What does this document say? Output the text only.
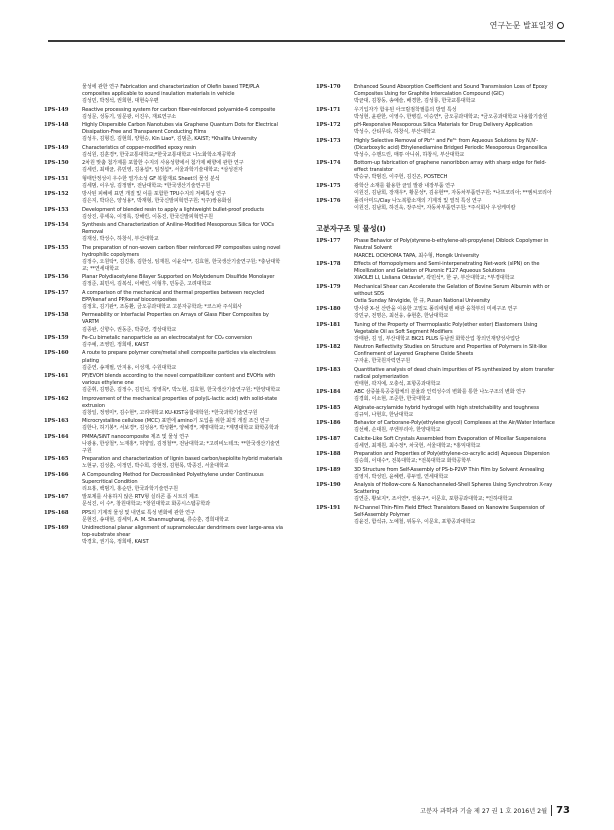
연구논문 발표일정
물성에 관한 연구 Fabrication and characterization of Olefin based TPE/PLA composites applicable to sound insulation materials in vehicle
김성민, 박정석, 권희현, 대현숙우편
1PS-149	Reactive processing system for carbon fiber-reinforced polyamide-6 composite
김성문, 성동기, 임문광, 이진우, 재료연구소
1PS-148	Highly Dispersible Carbon Nanotubes via Graphene Quantum Dots for Electrical Dissipation-Free and Transparent Conducting Films
김성우, 김형진, 김현희, 양현승, Kin Liao*, 김범준, KAIST; *Khalifa University
1PS-149	Characteristics of copper-modified epoxy resin
김석원, 김훈경*, 한국교통대학교;*한국교통대학교 나노화학소재공학과
1PS-150	2차원 맞춤 첨가제를 포함한 수지의 사용성향에서 첨가제 배향에 관한 연구
김세린, 최태균, 류민영, 김용섭*, 임정섭*, 서울과학기술대학교; *삼성전자
1PS-151	형태안정성이 우수한 열가소성 GF 복합재료 Sheet의 물성 분석
김세범, 이우성, 김정필*, 전남대학교; *한국생산기술연구원
1PS-152	방사된 피혜에 표면 개질 및 이를 포함한 TPU수지의 저폐특성 연구
김은지, 박다은, 양성용*, 박재형, 한국신발피혁연구원; *(주)쌍용화섬
1PS-153	Development of blended resin to apply a lightweight bullet-proof products
김상진, 류세욱, 이정록, 강해린, 이동진, 한국신발피혁연구원
1PS-154	Synthesis and Characterization of Aniline-Modified Mesoporous Silica for VOCs Removal
김재성, 박성수, 하창식, 부산대학교
1PS-155	The preparation of non-woven carbon fiber reinforced PP composites using novel hydrophilic copolymers
김정수, 오원탁*, 김진홍, 김한성, 임재원, 이윤석**, 김효현, 한국생산기술연구원; *충남대학교; **연세대학교
1PS-156	Planar Polydiacetylene Bilayer Supported on Molybdenum Disulfide Monolayer
김정준, 최민서, 김복석, 이해인, 이형후, 민동준, 고려대학교
1PS-157	A comparison of the mechanical and thermal properties between recycled EPP/kenaf and PP/kenaf biocomposites
김정호, 김기완*, 조동환, 금오공과대학교 고분자공학과; *코스파 주식회사
1PS-158	Permeability or Interfacial Properties on Arrays of Glass Fiber Composites by VARTM
김종완, 신향수, 권동준, 박종만, 경상대학교
1PS-159	Fe-Cu bimetalic nanoparticle as an electrocatalyst for CO₂ conversion
김주예, 조영민, 정희태, KAIST
1PS-160	A route to prepare polymer core/metal shell composite particles via electroless plating
김준연, 송재필, 안지용, 이성재, 수원대학교
1PS-161	PF/EVOH blends according to the novel compatibilizer content and EVOHs with various ethylene one
김준휘, 김명준, 김정수, 김민석, 정영목*, 박노현, 김효현, 한국생산기술연구원; *한양대학교
1PS-162	Improvement of the mechanical properties of poly(L-lactic acid) with solid-state extrusion
김창일, 정영미*, 김수현*, 고려대학교 KU-KIST융합대학원; *한국과학기술연구원
1PS-163	Microcrystalline cellulose (MCC) 표면에 amino기 도입을 위한 최적 개질 조건 연구
김한나, 허기봉*, 서보경*, 김성용*, 박성환*, 양혜경*, 계명대학교; *계명대학교 화학공학과
1PS-164	PMMA/SiNT nanocomposite 제조 및 물성 연구
나광용, 한상철*, 노재홍*, 허양일, 김정철**, 전남대학교; *고려비노테크; **한국생산기술연구원
1PS-165	Preparation and characterization of lignin based carbon/sepiolite hybrid materials
노현규, 김성훈, 이정민, 박수희, 강현정, 김현목, 박종진, 서울대학교
1PS-166	A Compounding Method for Decrosslinked Polyethylene under Continuous Supercritical Condition
리요홍, 백범기, 홍순만, 한국과학기술연구원
1PS-167	발포제를 사용하지 않은 RTV형 실리콘 폼 시트의 제조
문석진, 이 수*, 창원대학교; *창원대학교 화공시스템공학과
1PS-168	PPS의 기계적 물성 및 내연료 특성 변화에 관한 연구
문현진, 송대현, 김세익, A. M. Shanmugharaj, 류승훈, 경희대학교
1PS-169	Unidirectional planar alignment of supramolecular dendrimers over large-area via top-substrate shear
박경호, 권기옥, 정희태, KAIST
1PS-170	Enhanced Sound Absorption Coefficient and Sound Transmission Loss of Epoxy Composites Using for Graphite Intercalation Compound (GIC)
박균대, 김창동, 송예슬, 배경한, 김성룡, 한국교통대학교
1PS-171	우기입자가 함유된 아크릴점착필름의 방열 특성
박성현, 윤관한, 이영수, 한병길, 이승연*, 금오공과대학교; *금오공과대학교 나용합기술원
1PS-172	pH-Responsive Mesoporous Silica Materials for Drug Delivery Application
박성수, 산티무티, 하창식, 부산대학교
1PS-173	Highly Selective Removal of Pb²⁺ and Fe³⁺ from Aqueous Solutions by N,N'-(Dicarboxylic acid) Ethylenediamine Bridged Periodic Mesoporous Organosilica
박성수, 수핸드린, 매튜 아니쉬, 하창식, 부산대학교
1PS-174	Bottom-up fabrication of graphene nanoribbon array with sharp edge for field-effect transistor
박승규, 박범진, 이주헌, 김진곤, POSTECH
1PS-175	광학산 소재를 활용한 균일 발광 내장부품 연구
이원진, 김남희, 장재우*, 황문성*, 김유현**, 자동차부품연구원; *나프코리아; **엠씨코리아
1PS-176	폴리아미드/Clay 나노복합소재의 기계적 및 열적 특성 연구
이원진, 김남희, 하진욱, 장주석*, 자동차부품연구원; *주식회사 우성케미칼
고분자구조 및 물성(I)
1PS-177	Phase Behavior of Poly(styrene-b-ethylene-alt-propylene) Diblock Copolymer in Neutral Solvent
MARCEL OCKHOMA TAPA, 최수형, Hongik University
1PS-178	Effects of Homopolymers and Semi-interpenetrating Net-work (sIPN) on the Micellization and Gelation of Pluronic F127 Aqueous Solutions
XIAOLEI LI, Lisliana Oktavia*, 곽민석*, 한 규, 부산대학교; *부경대학교
1PS-179	Mechanical Shear can Accelerate the Gelation of Bovine Serum Albumin with or without SDS
Ostia Sunday Nnvigide, 한 규, Pusan National University
1PS-180	방사광 X-선 산란을 이용한 고밀도 폴리에틸렌 배관 융착부의 미세구조 연구
강민규, 전명은, 최선웅, 송현훈, 한남대학교
1PS-181	Tuning of the Property of Thermoplastic Poly(ether ester) Elastomers Using Vegetable Oil as Soft Segment Modifiers
강태완, 김 일, 부산대학교 BK21 PLUS 동남권 화학산업 창의인재양성사업단
1PS-182	Neutron Reflectivity Studies on Structure and Properties of Polymers in Slit-like Confinement of Layered Graphene Oxide Sheets
구자윤, 한국원자력연구원
1PS-183	Quantitative analysis of dead chain impurities of PS synthesized by atom transfer radical polymerization
권태현, 곽지예, 오충석, 포항공과대학교
1PS-184	ABC 삼중블록공중합체의 분율과 인력성수의 변화를 통한 나노구조의 변화 연구
김경회, 이소현, 조준한, 한국대학교
1PS-185	Alginate-acrylamide hybrid hydrogel with high stretchability and toughness
김규익, 나현호, 한남대학교
1PS-186	Behavior of Carborane-Poly(ethylene glycol) Complexes at the Air/Water Interface
김선해, 손대원, 쿠엔부리아, 한양대학교
1PS-187	Calcite-Like Soft Crystals Assembled from Evaporation of Micellar Suspensions
김세연, 최재원, 최수정*, 차국헌, 서울대학교; *홍익대학교
1PS-188	Preparation and Properties of Poly(ethylene-co-acrylic acid) Aqueous Dispersion
김승희, 이대수*, 전북대학교; *전북대학교 화학공학부
1PS-189	3D Structure from Self-Assembly of PS-b-P2VP Thin Film by Solvent Annealing
김영지, 박성민, 윤혜련, 류두열, 연세대학교
1PS-190	Analysis of Hollow-core & Nanochanneled-Shell Spheres Using Synchrotron X-ray Scattering
김연준, 황보지*, 조서연*, 권용구*, 이문호, 포항공과대학교; *인하대학교
1PS-191	N-Channel Thin-Film Field Effect Transistors Based on Nanowire Suspension of Self-Assembly Polymer
김윤진, 함석규, 노예철, 위동우, 이문호, 포항공과대학교
고분자 과학과 기술 제 27 권 1 호 2016년 2월 73
